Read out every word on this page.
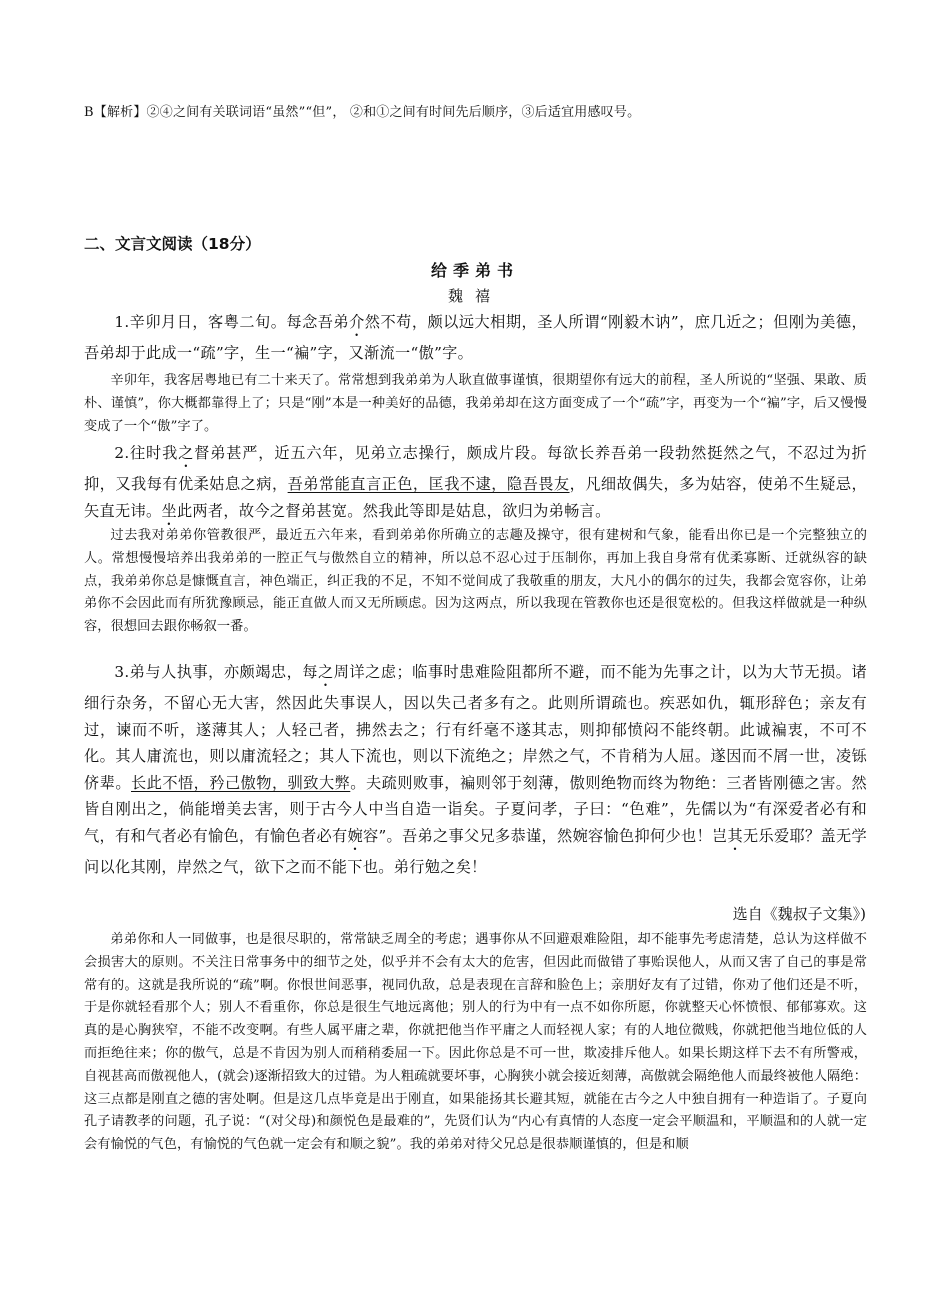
B【解析】②④之间有关联词语“虽然”“但”， ②和①之间有时间先后顺序，③后适宜用感叹号。
二、文言文阅读（18分）
给季弟书
魏禧

1.辛卯月日，客粤二旬。每念吾弟介然不苟，颇以远大相期，圣人所谓“刚毅木讷”，庶几近之；但刚为美德，吾弟却于此成一“疏”字，生一“褊”字，又渐流一“傲”字。

辛卯年，我客居粤地已有二十来天了。常常想到我弟弟为人耿直做事谨慎，很期望你有远大的前程，圣人所说的“坚强、果敢、质朴、谨慎”，你大概都靠得上了；只是“刚”本是一种美好的品德，我弟弟却在这方面变成了一个“疏”字，再变为一个“褊”字，后又慢慢变成了一个“傲”字了。

2.往时我之督弟甚严，近五六年，见弟立志操行，颇成片段。每欲长养吾弟一段勃然挺然之气，不忍过为折抑，又我每有优柔姑息之病，吾弟常能直言正色，匡我不逮，隐吾畏友，凡细故偶失，多为姑容，使弟不生疑忌，矢直无讳。坐此两者，故今之督弟甚宽。然我此等即是姑息，欲归为弟畅言。

过去我对弟弟你管教很严，最近五六年来，看到弟弟你所确立的志趣及操守，很有建树和气象，能看出你已是一个完整独立的人。常想慢慢培养出我弟弟的一腔正气与傲然自立的精神，所以总不忍心过于压制你，再加上我自身常有优柔寡断、迁就纵容的缺点，我弟弟你总是慷慨直言，神色端正，纠正我的不足，不知不觉间成了我敬重的朋友，大凡小的偶尔的过失，我都会宽容你，让弟弟你不会因此而有所犹豫顾忌，能正直做人而又无所顾虑。因为这两点，所以我现在管教你也还是很宽松的。但我这样做就是一种纵容，很想回去跟你畅叙一番。

3.弟与人执事，亦颇竭忠，每之周详之虑；临事时患难险阻都所不避，而不能为先事之计，以为大节无损。诸细行杂务，不留心无大害，然因此失事误人，因以失己者多有之。此则所谓疏也。疾恶如仇，辄形辞色；亲友有过，谏而不听，遂薄其人；人轻己者，拂然去之；行有纤毫不遂其志，则抑郁愤闷不能终朝。此诚褊衷，不可不化。其人庸流也，则以庸流轻之；其人下流也，则以下流绝之；岸然之气，不肯稍为人屈。遂因而不屑一世，凌铄侪辈。长此不悟，矜己傲物，驯致大弊。夫疏则败事，褊则邻于刻薄，傲则绝物而终为物绝：三者皆刚德之害。然皆自刚出之，倘能增美去害，则于古今人中当自造一诣矣。子夏问孝，子曰：“色难”，先儒以为“有深爱者必有和气，有和气者必有愉色，有愉色者必有婉容”。吾弟之事父兄多恭谨，然婉容愉色抑何少也！岂其无乐爱耶？盖无学问以化其刚，岸然之气，欲下之而不能下也。弟行勉之矣！

选自《魏叔子文集》)

弟弟你和人一同做事，也是很尽职的，常常缺乏周全的考虑；遇事你从不回避艰难险阻，却不能事先考虑清楚，总认为这样做不会损害大的原则。不关注日常事务中的细节之处，似乎并不会有太大的危害，但因此而做错了事贻误他人，从而又害了自己的事是常常有的。这就是我所说的“疏”啊。你恨世间恶事，视同仇敌，总是表现在言辞和脸色上；亲朋好友有了过错，你劝了他们还是不听，于是你就轻看那个人；别人不看重你，你总是很生气地远离他；别人的行为中有一点不如你所愿，你就整天心怀愤恨、郁郁寡欢。这真的是心胸狭窄，不能不改变啊。有些人属平庸之辈，你就把他当作平庸之人而轻视人家；有的人地位微贱，你就把他当地位低的人而拒绝往来；你的傲气，总是不肯因为别人而稍稍委屈一下。因此你总是不可一世，欺凌排斥他人。如果长期这样下去不有所警戒，自视甚高而傲视他人，(就会)逐渐招致大的过错。为人粗疏就要坏事，心胸狭小就会接近刻薄，高傲就会隔绝他人而最终被他人隔绝：这三点都是刚直之德的害处啊。但是这几点毕竟是出于刚直，如果能扬其长避其短，就能在古今之人中独自拥有一种造诣了。子夏向孔子请教孝的问题，孔子说：“(对父母)和颜悦色是最难的”，先贤们认为“内心有真情的人态度一定会平顺温和，平顺温和的人就一定会有愉悦的气色，有愉悦的气色就一定会有和顺之貌”。我的弟弟对待父兄总是很恭顺谨慎的，但是和顺
